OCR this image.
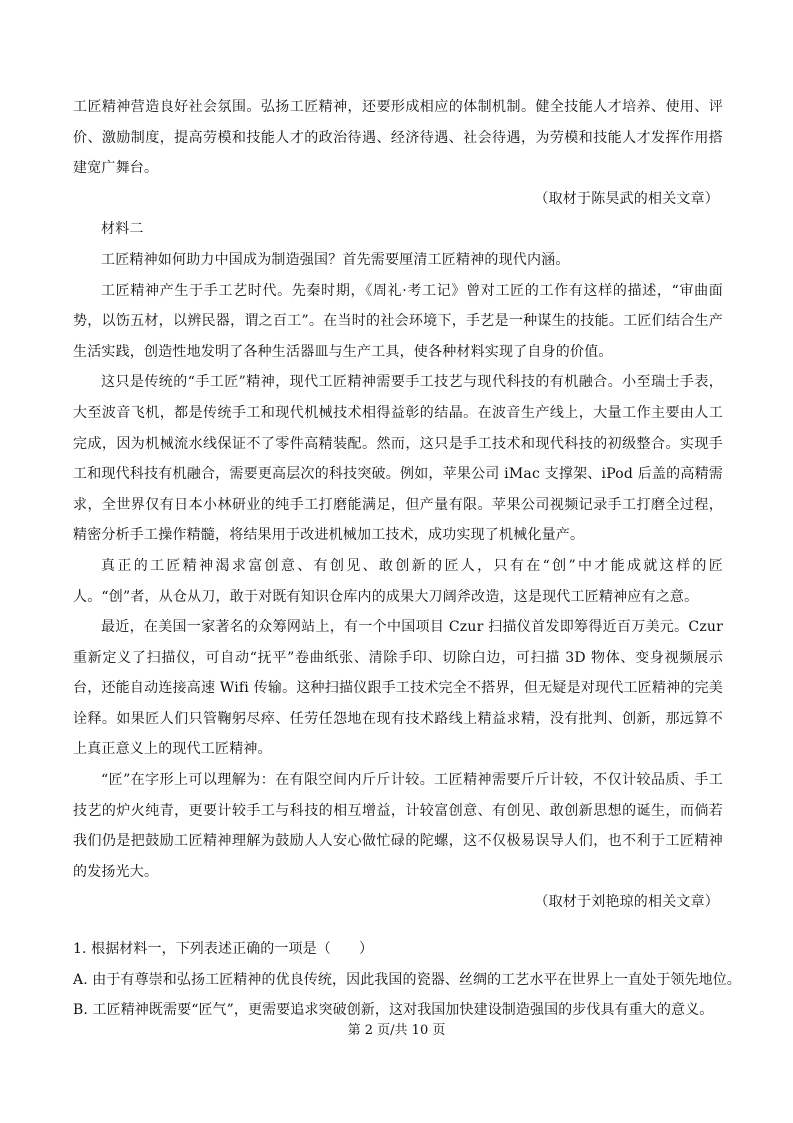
工匠精神营造良好社会氛围。弘扬工匠精神，还要形成相应的体制机制。健全技能人才培养、使用、评价、激励制度，提高劳模和技能人才的政治待遇、经济待遇、社会待遇，为劳模和技能人才发挥作用搭建宽广舞台。

（取材于陈昊武的相关文章）

材料二

工匠精神如何助力中国成为制造强国？首先需要厘清工匠精神的现代内涵。

工匠精神产生于手工艺时代。先秦时期，《周礼·考工记》曾对工匠的工作有这样的描述，“审曲面势，以饬五材，以辨民器，谓之百工”。在当时的社会环境下，手艺是一种谋生的技能。工匠们结合生产生活实践，创造性地发明了各种生活器皿与生产工具，使各种材料实现了自身的价值。

这只是传统的“手工匠”精神，现代工匠精神需要手工技艺与现代科技的有机融合。小至瑞士手表，大至波音飞机，都是传统手工和现代机械技术相得益彰的结晶。在波音生产线上，大量工作主要由人工完成，因为机械流水线保证不了零件高精装配。然而，这只是手工技术和现代科技的初级整合。实现手工和现代科技有机融合，需要更高层次的科技突破。例如，苹果公司 iMac 支撑架、iPod 后盖的高精需求，全世界仅有日本小林研业的纯手工打磨能满足，但产量有限。苹果公司视频记录手工打磨全过程，精密分析手工操作精髓，将结果用于改进机械加工技术，成功实现了机械化量产。

真正的工匠精神渴求富创意、有创见、敢创新的匠人，只有在“创”中才能成就这样的匠人。“创”者，从仓从刀，敢于对既有知识仓库内的成果大刀阔斧改造，这是现代工匠精神应有之意。

最近，在美国一家著名的众筹网站上，有一个中国项目 Czur 扫描仪首发即筹得近百万美元。Czur 重新定义了扫描仪，可自动“抚平”卷曲纸张、清除手印、切除白边，可扫描 3D 物体、变身视频展示台，还能自动连接高速 Wifi 传输。这种扫描仪跟手工技术完全不搭界，但无疑是对现代工匠精神的完美诠释。如果匠人们只管鞠躬尽瘁、任劳任怨地在现有技术路线上精益求精，没有批判、创新，那远算不上真正意义上的现代工匠精神。

“匠”在字形上可以理解为：在有限空间内斤斤计较。工匠精神需要斤斤计较，不仅计较品质、手工技艺的炉火纯青，更要计较手工与科技的相互增益，计较富创意、有创见、敢创新思想的诞生，而倘若我们仍是把鼓励工匠精神理解为鼓励人人安心做忙碌的陀螺，这不仅极易误导人们，也不利于工匠精神的发扬光大。

（取材于刘艳琼的相关文章）

1. 根据材料一，下列表述正确的一项是（　　）

A. 由于有尊崇和弘扬工匠精神的优良传统，因此我国的瓷器、丝绸的工艺水平在世界上一直处于领先地位。

B. 工匠精神既需要“匠气”，更需要追求突破创新，这对我国加快建设制造强国的步伐具有重大的意义。

第 2 页/共 10 页
